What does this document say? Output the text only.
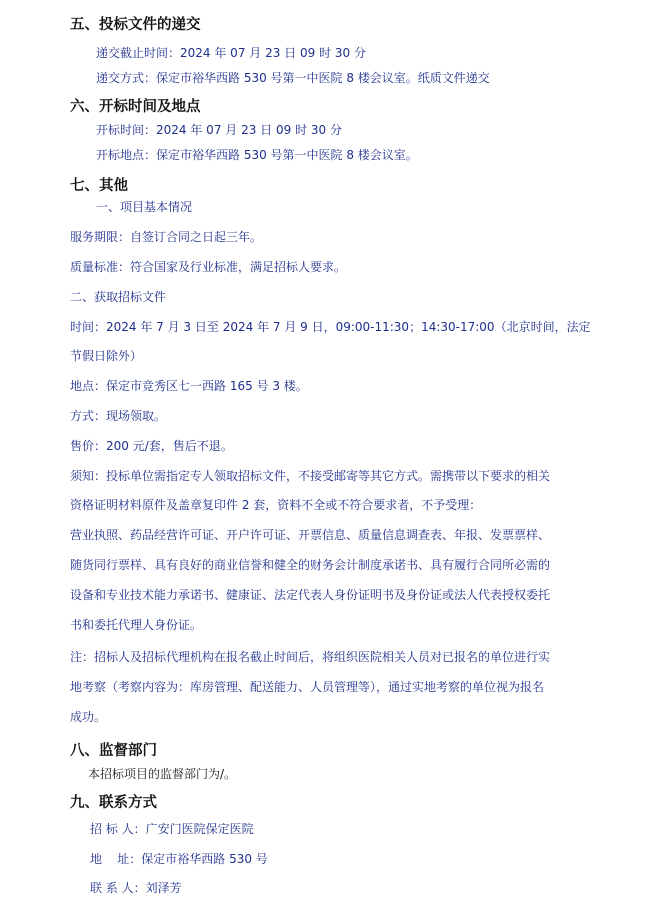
五、投标文件的递交
递交截止时间：2024 年 07 月 23 日 09 时 30 分
递交方式：保定市裕华西路 530 号第一中医院 8 楼会议室。纸质文件递交
六、开标时间及地点
开标时间：2024 年 07 月 23 日 09 时 30 分
开标地点：保定市裕华西路 530 号第一中医院 8 楼会议室。
七、其他
一、项目基本情况
服务期限：自签订合同之日起三年。
质量标准：符合国家及行业标准，满足招标人要求。
二、获取招标文件
时间：2024 年 7 月 3 日至 2024 年 7 月 9 日，09:00-11:30；14:30-17:00（北京时间，法定
节假日除外）
地点：保定市竞秀区七一西路 165 号 3 楼。
方式：现场领取。
售价：200 元/套，售后不退。
须知：投标单位需指定专人领取招标文件，不接受邮寄等其它方式。需携带以下要求的相关
资格证明材料原件及盖章复印件 2 套，资料不全或不符合要求者，不予受理：
营业执照、药品经营许可证、开户许可证、开票信息、质量信息调查表、年报、发票票样、
随货同行票样、具有良好的商业信誉和健全的财务会计制度承诺书、具有履行合同所必需的
设备和专业技术能力承诺书、健康证、法定代表人身份证明书及身份证或法人代表授权委托
书和委托代理人身份证。
注：招标人及招标代理机构在报名截止时间后，将组织医院相关人员对已报名的单位进行实
地考察（考察内容为：库房管理、配送能力、人员管理等），通过实地考察的单位视为报名
成功。
八、监督部门
本招标项目的监督部门为/。
九、联系方式
招 标 人：广安门医院保定医院
地    址：保定市裕华西路 530 号
联 系 人：刘泽芳
